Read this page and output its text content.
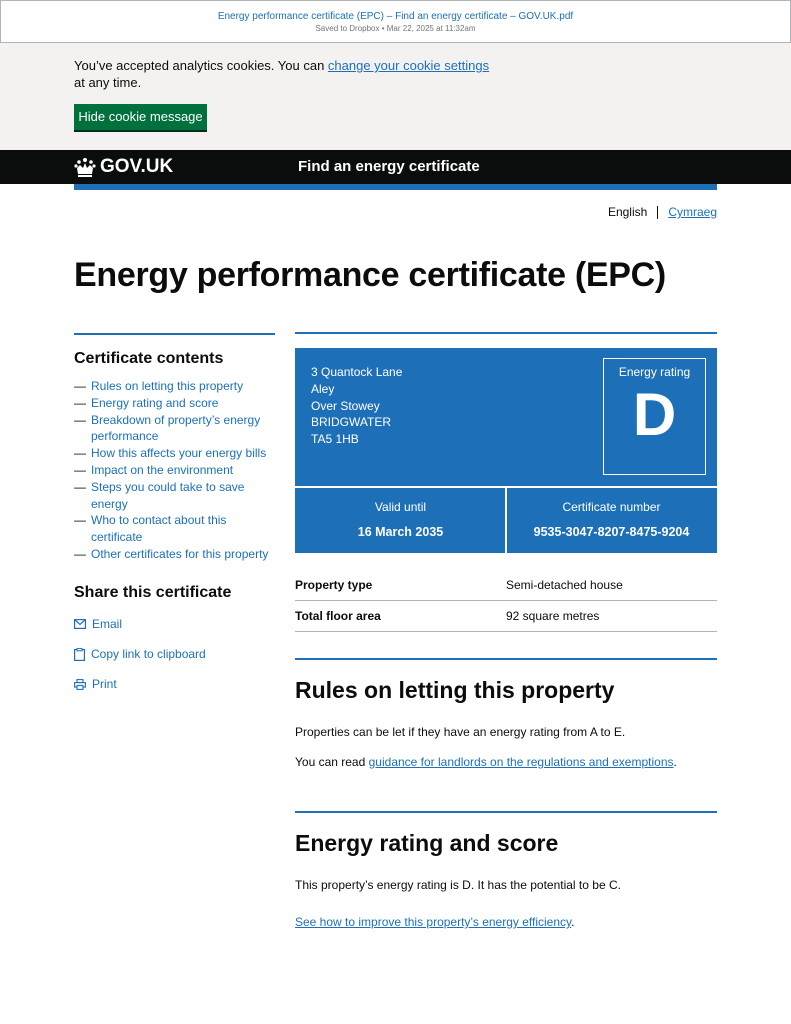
Energy performance certificate (EPC) – Find an energy certificate – GOV.UK.pdf
Saved to Dropbox • Mar 22, 2025 at 11:32am
You’ve accepted analytics cookies. You can change your cookie settings at any time.
Hide cookie message
GOV.UK	Find an energy certificate
English Cymraeg
Energy performance certificate (EPC)
Certificate contents
— Rules on letting this property
— Energy rating and score
— Breakdown of property’s energy performance
— How this affects your energy bills
— Impact on the environment
— Steps you could take to save energy
— Who to contact about this certificate
— Other certificates for this property
Share this certificate
Email
Copy link to clipboard
Print
3 Quantock Lane
Aley
Over Stowey
BRIDGWATER
TA5 1HB
Energy rating
D
Valid until
16 March 2035
Certificate number
9535-3047-8207-8475-9204
Property type	Semi-detached house
Total floor area	92 square metres
Rules on letting this property

Properties can be let if they have an energy rating from A to E.

You can read guidance for landlords on the regulations and exemptions.

Energy rating and score

This property’s energy rating is D. It has the potential to be C.

See how to improve this property’s energy efficiency.
